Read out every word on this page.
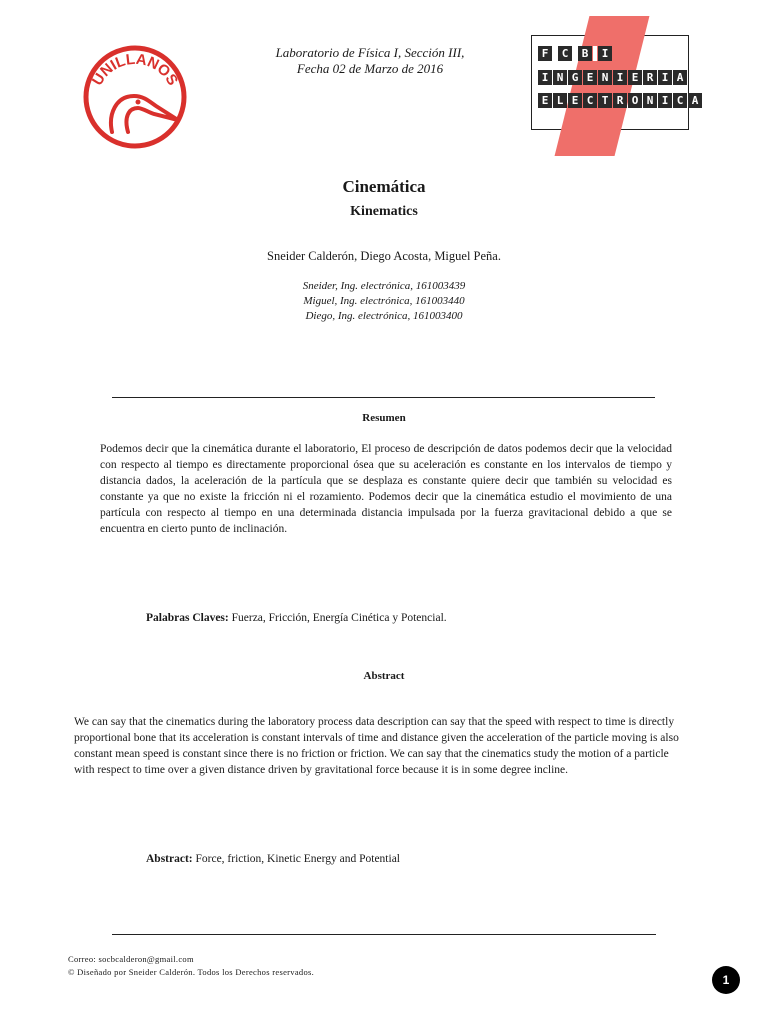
UNILLANOS
Laboratorio de Física I, Sección III,
Fecha 02 de Marzo de 2016
F	C	B	I
I N G E N I E R I A
E L E C T R O N I C A
Cinemática
Kinematics
Sneider Calderón, Diego Acosta, Miguel Peña.
Sneider, Ing. electrónica, 161003439
Miguel, Ing. electrónica, 161003440
Diego, Ing. electrónica, 161003400
Resumen
Podemos decir que la cinemática durante el laboratorio, El proceso de descripción de datos podemos decir que la velocidad con respecto al tiempo es directamente proporcional ósea que su aceleración es constante en los intervalos de tiempo y distancia dados, la aceleración de la partícula que se desplaza es constante quiere decir que también su velocidad es constante ya que no existe la fricción ni el rozamiento. Podemos decir que la cinemática estudio el movimiento de una partícula con respecto al tiempo en una determinada distancia impulsada por la fuerza gravitacional debido a que se encuentra en cierto punto de inclinación.
Palabras Claves: Fuerza, Fricción, Energía Cinética y Potencial.
Abstract
We can say that the cinematics during the laboratory process data description can say that the speed with respect to time is directly proportional bone that its acceleration is constant intervals of time and distance given the acceleration of the particle moving is also constant mean speed is constant since there is no friction or friction. We can say that the cinematics study the motion of a particle with respect to time over a given distance driven by gravitational force because it is in some degree incline.
Abstract: Force, friction, Kinetic Energy and Potential
Correo: socbcalderon@gmail.com
© Diseñado por Sneider Calderón. Todos los Derechos reservados.
1
